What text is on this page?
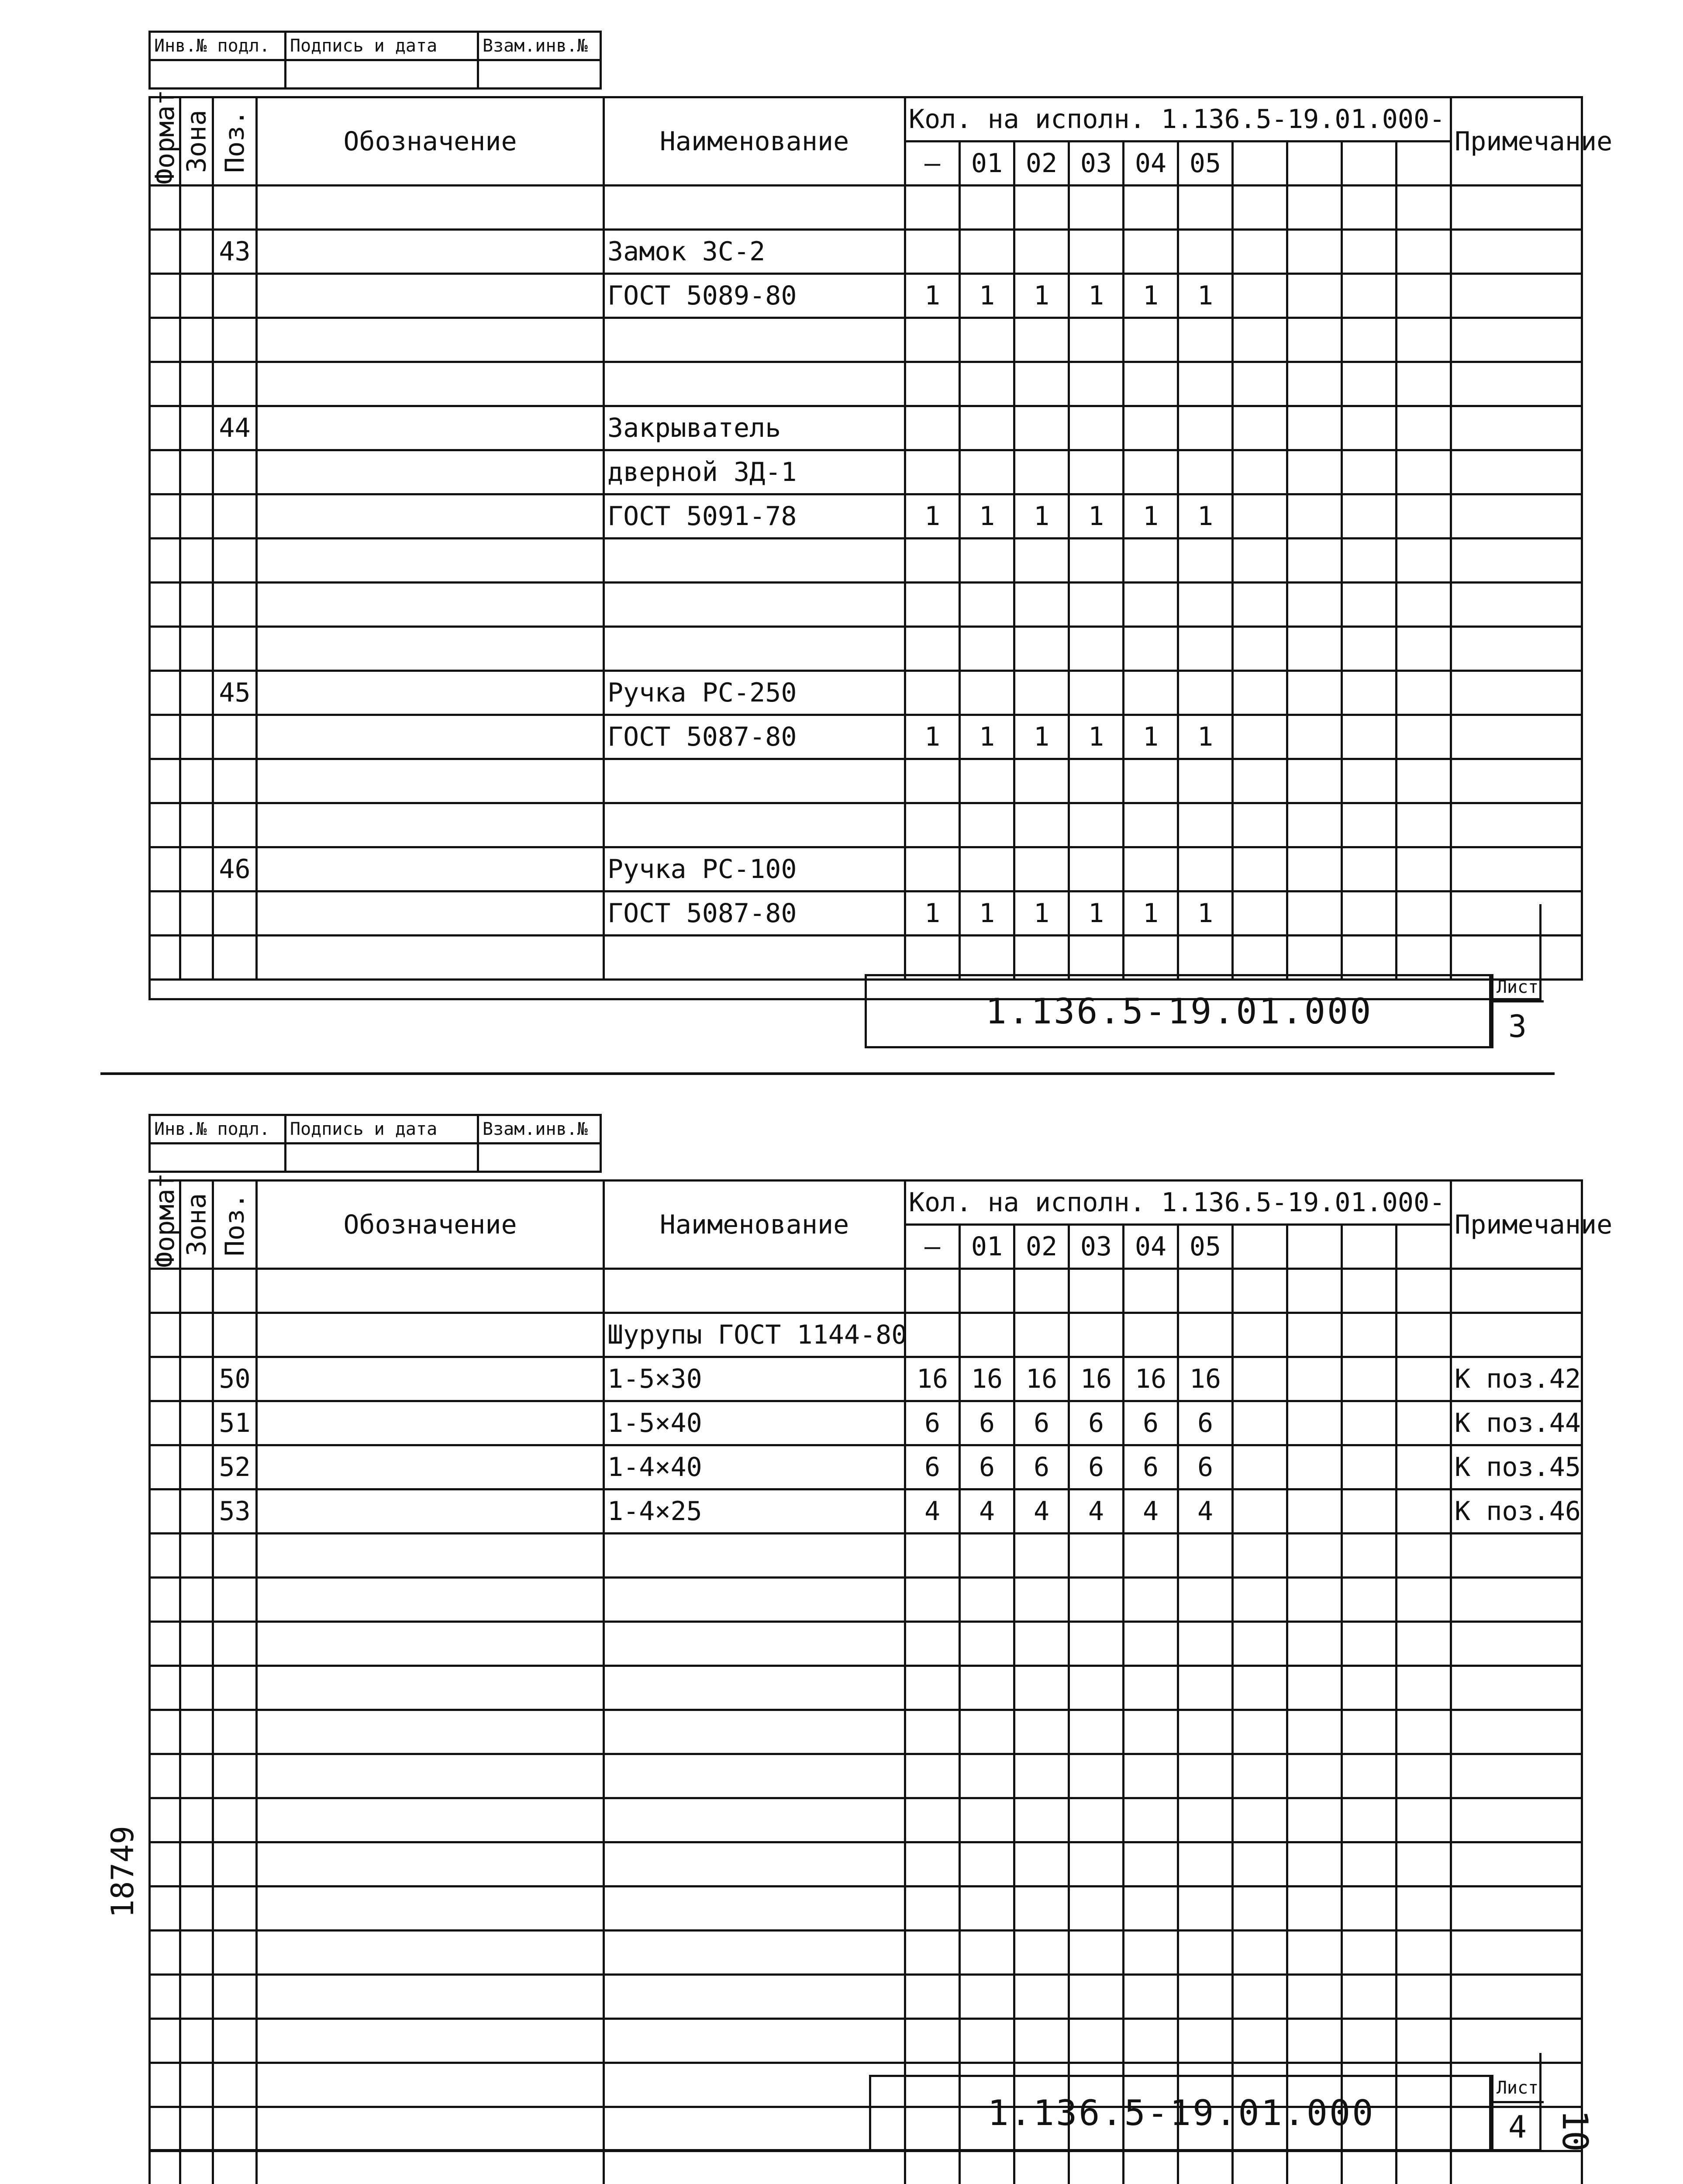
Инв.№ подл.	Подпись и дата	Взам.инв.№

Формат	Зона	Поз.	Обозначение	Наименование	Кол. на исполн. 1.136.5-19.01.000-										Примечание
					—	01	02	03	04	05					

		43		Замок ЗС-2											
				ГОСТ 5089-80	1	1	1	1	1	1					

		44		Закрыватель											
				дверной ЗД-1											
				ГОСТ 5091-78	1	1	1	1	1	1					

		45		Ручка РС-250											
				ГОСТ 5087-80	1	1	1	1	1	1					

		46		Ручка РС-100											
				ГОСТ 5087-80	1	1	1	1	1	1					

1.136.5-19.01.000
Лист
3
Инв.№ подл.	Подпись и дата	Взам.инв.№

Формат	Зона	Поз.	Обозначение	Наименование	Кол. на исполн. 1.136.5-19.01.000-										Примечание
					—	01	02	03	04	05					

				Шурупы ГОСТ 1144-80											
		50		1-5×30	16	16	16	16	16	16					К поз.42
		51		1-5×40	6	6	6	6	6	6					К поз.44
		52		1-4×40	6	6	6	6	6	6					К поз.45
		53		1-4×25	4	4	4	4	4	4					К поз.46

1.136.5-19.01.000
Лист
4
18749
10
